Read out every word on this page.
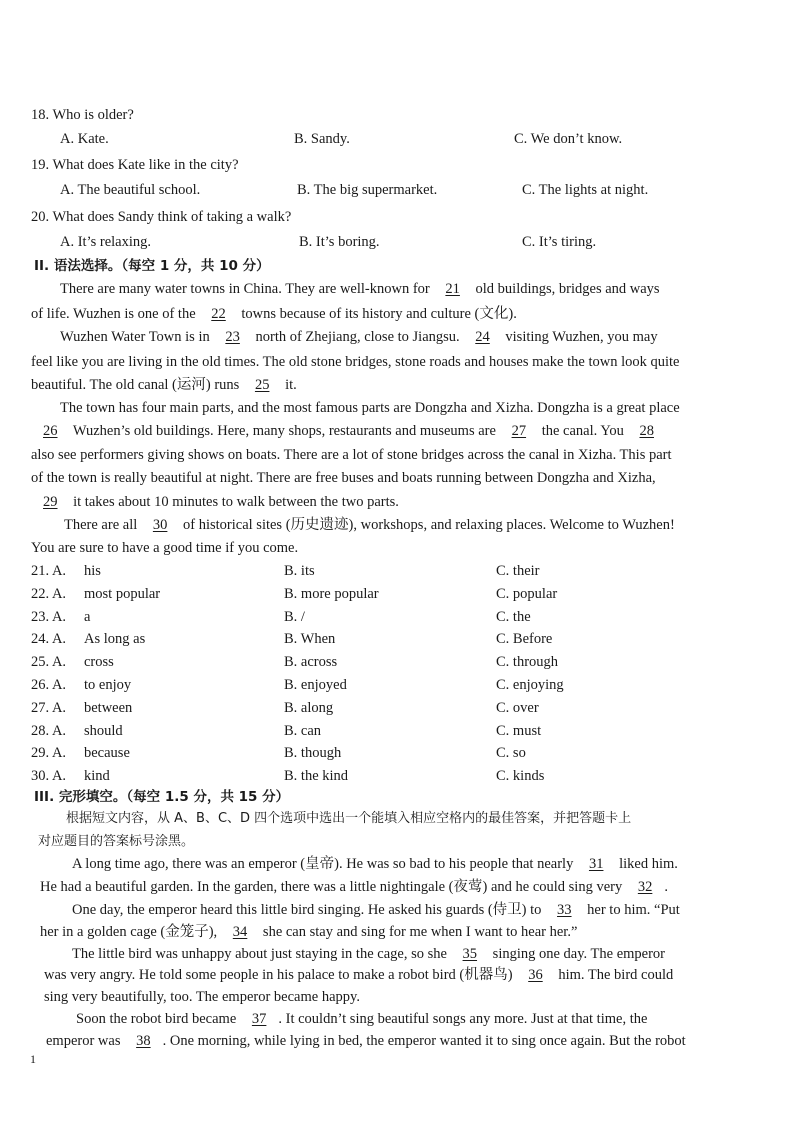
18. Who is older?
A. Kate.	B. Sandy.	C. We don’t know.
19. What does Kate like in the city?
A. The beautiful school.	B. The big supermarket.	C. The lights at night.
20. What does Sandy think of taking a walk?
A. It’s relaxing.	B. It’s boring.	C. It’s tiring.
II. 语法选择。（每空 1 分，共 10 分）
There are many water towns in China. They are well-known for 21 old buildings, bridges and ways
of life. Wuzhen is one of the 22 towns because of its history and culture (文化).
Wuzhen Water Town is in 23 north of Zhejiang, close to Jiangsu. 24 visiting Wuzhen, you may
feel like you are living in the old times. The old stone bridges, stone roads and houses make the town look quite
beautiful. The old canal (运河) runs 25 it.
The town has four main parts, and the most famous parts are Dongzha and Xizha. Dongzha is a great place
26 Wuzhen’s old buildings. Here, many shops, restaurants and museums are 27 the canal. You 28
also see performers giving shows on boats. There are a lot of stone bridges across the canal in Xizha. This part
of the town is really beautiful at night. There are free buses and boats running between Dongzha and Xizha,
29 it takes about 10 minutes to walk between the two parts.
There are all 30 of historical sites (历史遗迹), workshops, and relaxing places. Welcome to Wuzhen!
You are sure to have a good time if you come.
21. A. his	B. its	C. their
22. A. most popular	B. more popular	C. popular
23. A. a	B. /	C. the
24. A. As long as	B. When	C. Before
25. A. cross	B. across	C. through
26. A. to enjoy	B. enjoyed	C. enjoying
27. A. between	B. along	C. over
28. A. should	B. can	C. must
29. A. because	B. though	C. so
30. A. kind	B. the kind	C. kinds
III. 完形填空。（每空 1.5 分，共 15 分）
根据短文内容，从 A、B、C、D 四个选项中选出一个能填入相应空格内的最佳答案，并把答题卡上
对应题目的答案标号涂黑。
A long time ago, there was an emperor (皇帝). He was so bad to his people that nearly 31 liked him.
He had a beautiful garden. In the garden, there was a little nightingale (夜莺) and he could sing very 32 .
One day, the emperor heard this little bird singing. He asked his guards (侍卫) to 33 her to him. “Put
her in a golden cage (金笼子), 34 she can stay and sing for me when I want to hear her.”
The little bird was unhappy about just staying in the cage, so she 35 singing one day. The emperor
was very angry. He told some people in his palace to make a robot bird (机器鸟) 36 him. The bird could
sing very beautifully, too. The emperor became happy.
Soon the robot bird became 37 . It couldn’t sing beautiful songs any more. Just at that time, the
emperor was 38 . One morning, while lying in bed, the emperor wanted it to sing once again. But the robot
1
